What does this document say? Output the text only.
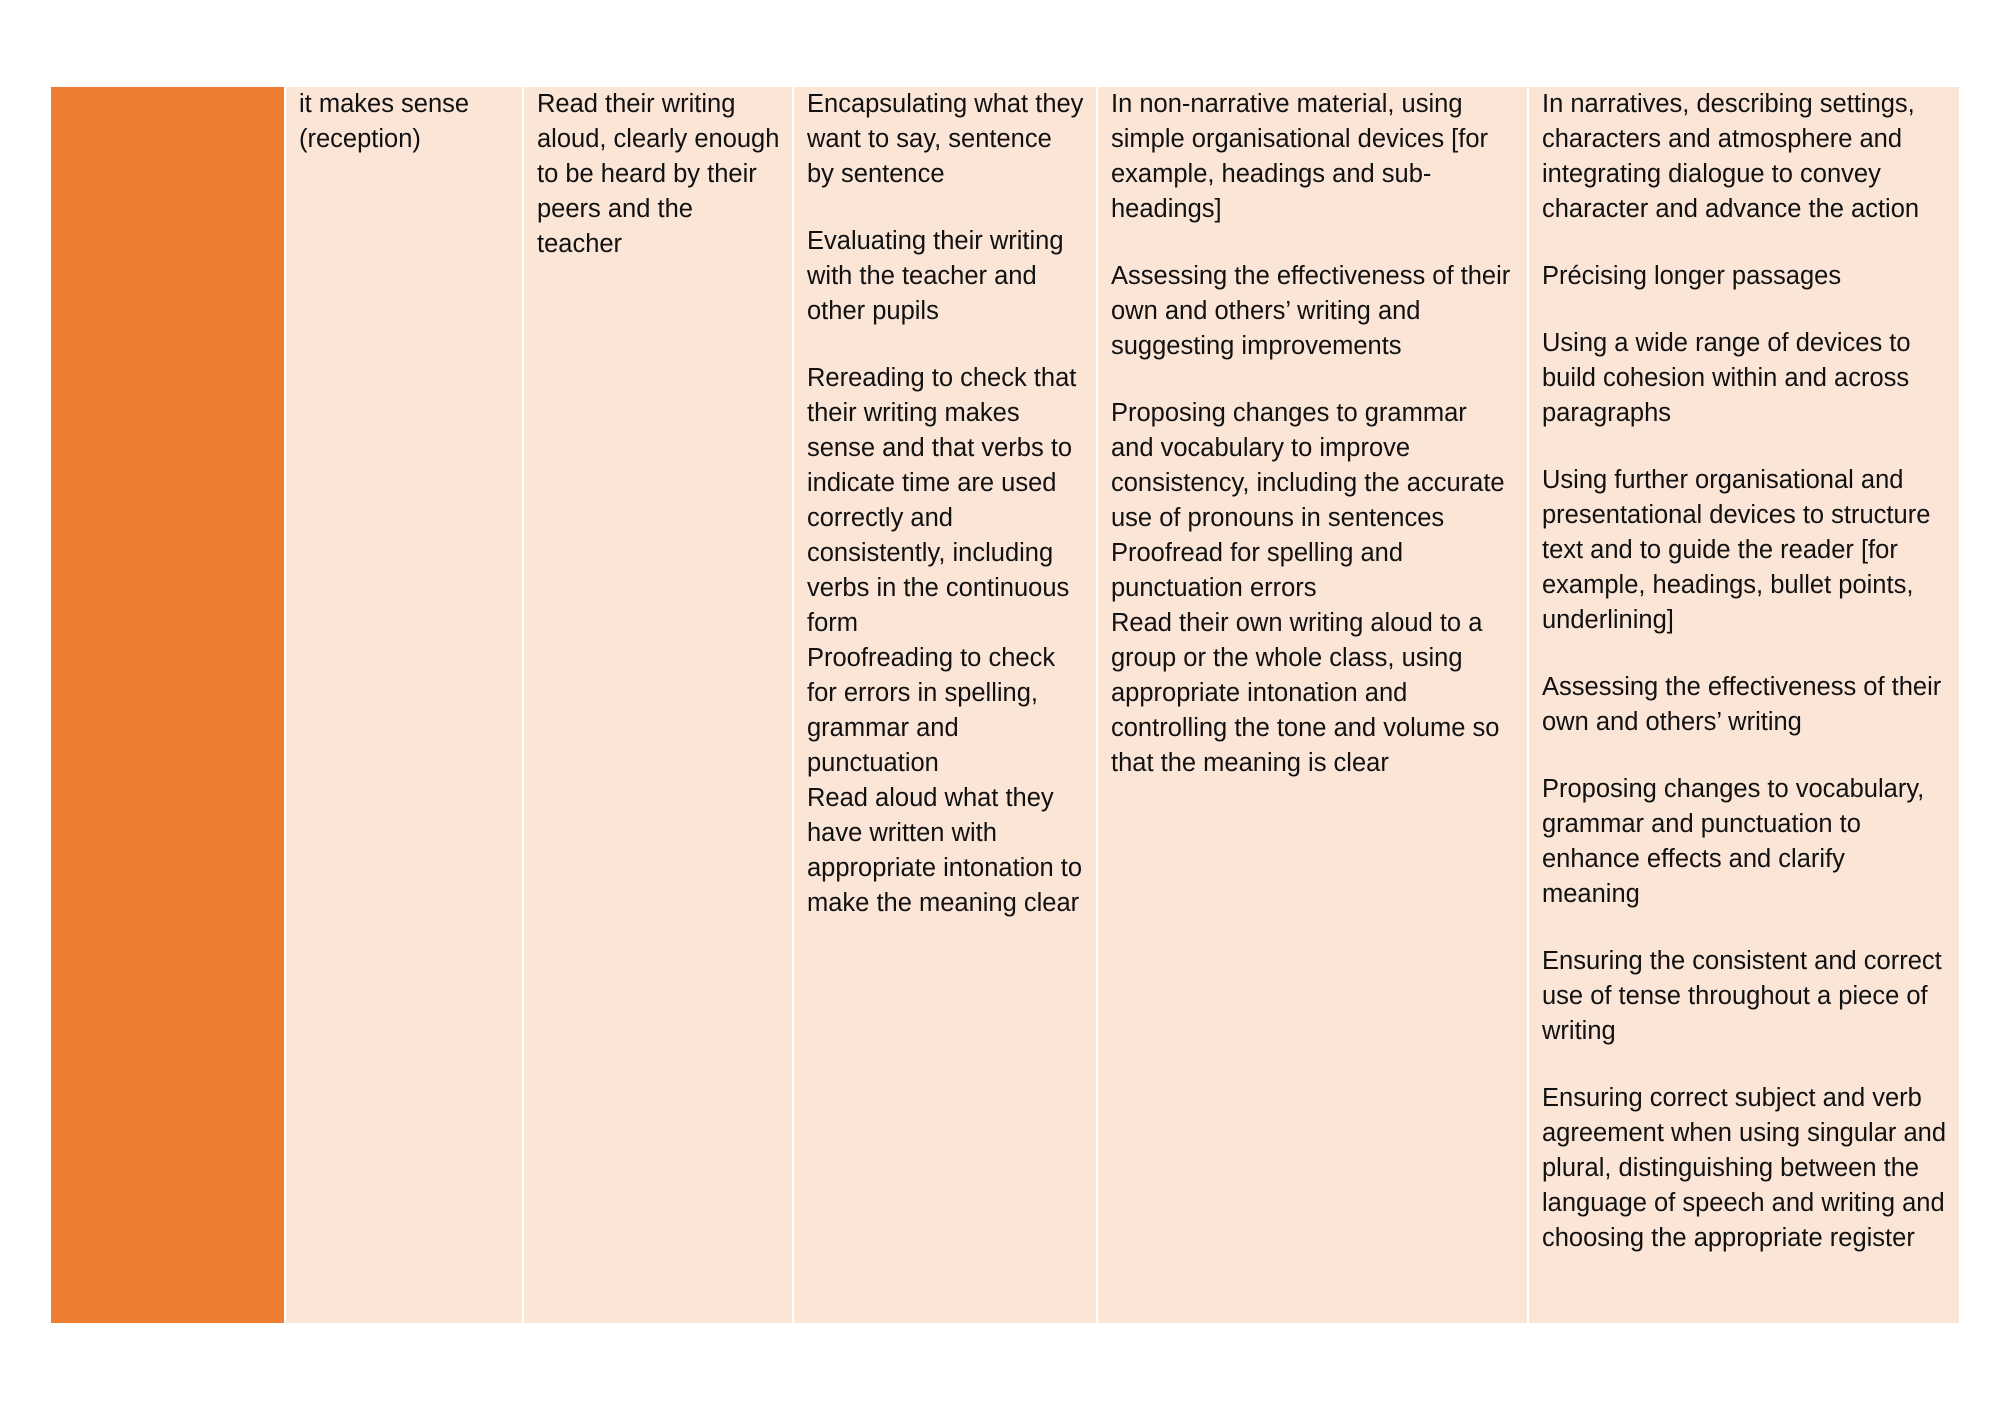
it makes sense (reception)

Read their writing aloud, clearly enough to be heard by their peers and the teacher

Encapsulating what they want to say, sentence by sentence

Evaluating their writing with the teacher and other pupils

Rereading to check that their writing makes sense and that verbs to indicate time are used correctly and consistently, including verbs in the continuous form

Proofreading to check for errors in spelling, grammar and punctuation

Read aloud what they have written with appropriate intonation to make the meaning clear

In non-narrative material, using simple organisational devices [for example, headings and sub-headings]

Assessing the effectiveness of their own and others’ writing and suggesting improvements

Proposing changes to grammar and vocabulary to improve consistency, including the accurate use of pronouns in sentences

Proofread for spelling and punctuation errors

Read their own writing aloud to a group or the whole class, using appropriate intonation and controlling the tone and volume so that the meaning is clear

In narratives, describing settings, characters and atmosphere and integrating dialogue to convey character and advance the action

Précising longer passages

Using a wide range of devices to build cohesion within and across paragraphs

Using further organisational and presentational devices to structure text and to guide the reader [for example, headings, bullet points, underlining]

Assessing the effectiveness of their own and others’ writing

Proposing changes to vocabulary, grammar and punctuation to enhance effects and clarify meaning

Ensuring the consistent and correct use of tense throughout a piece of writing

Ensuring correct subject and verb agreement when using singular and plural, distinguishing between the language of speech and writing and choosing the appropriate register
